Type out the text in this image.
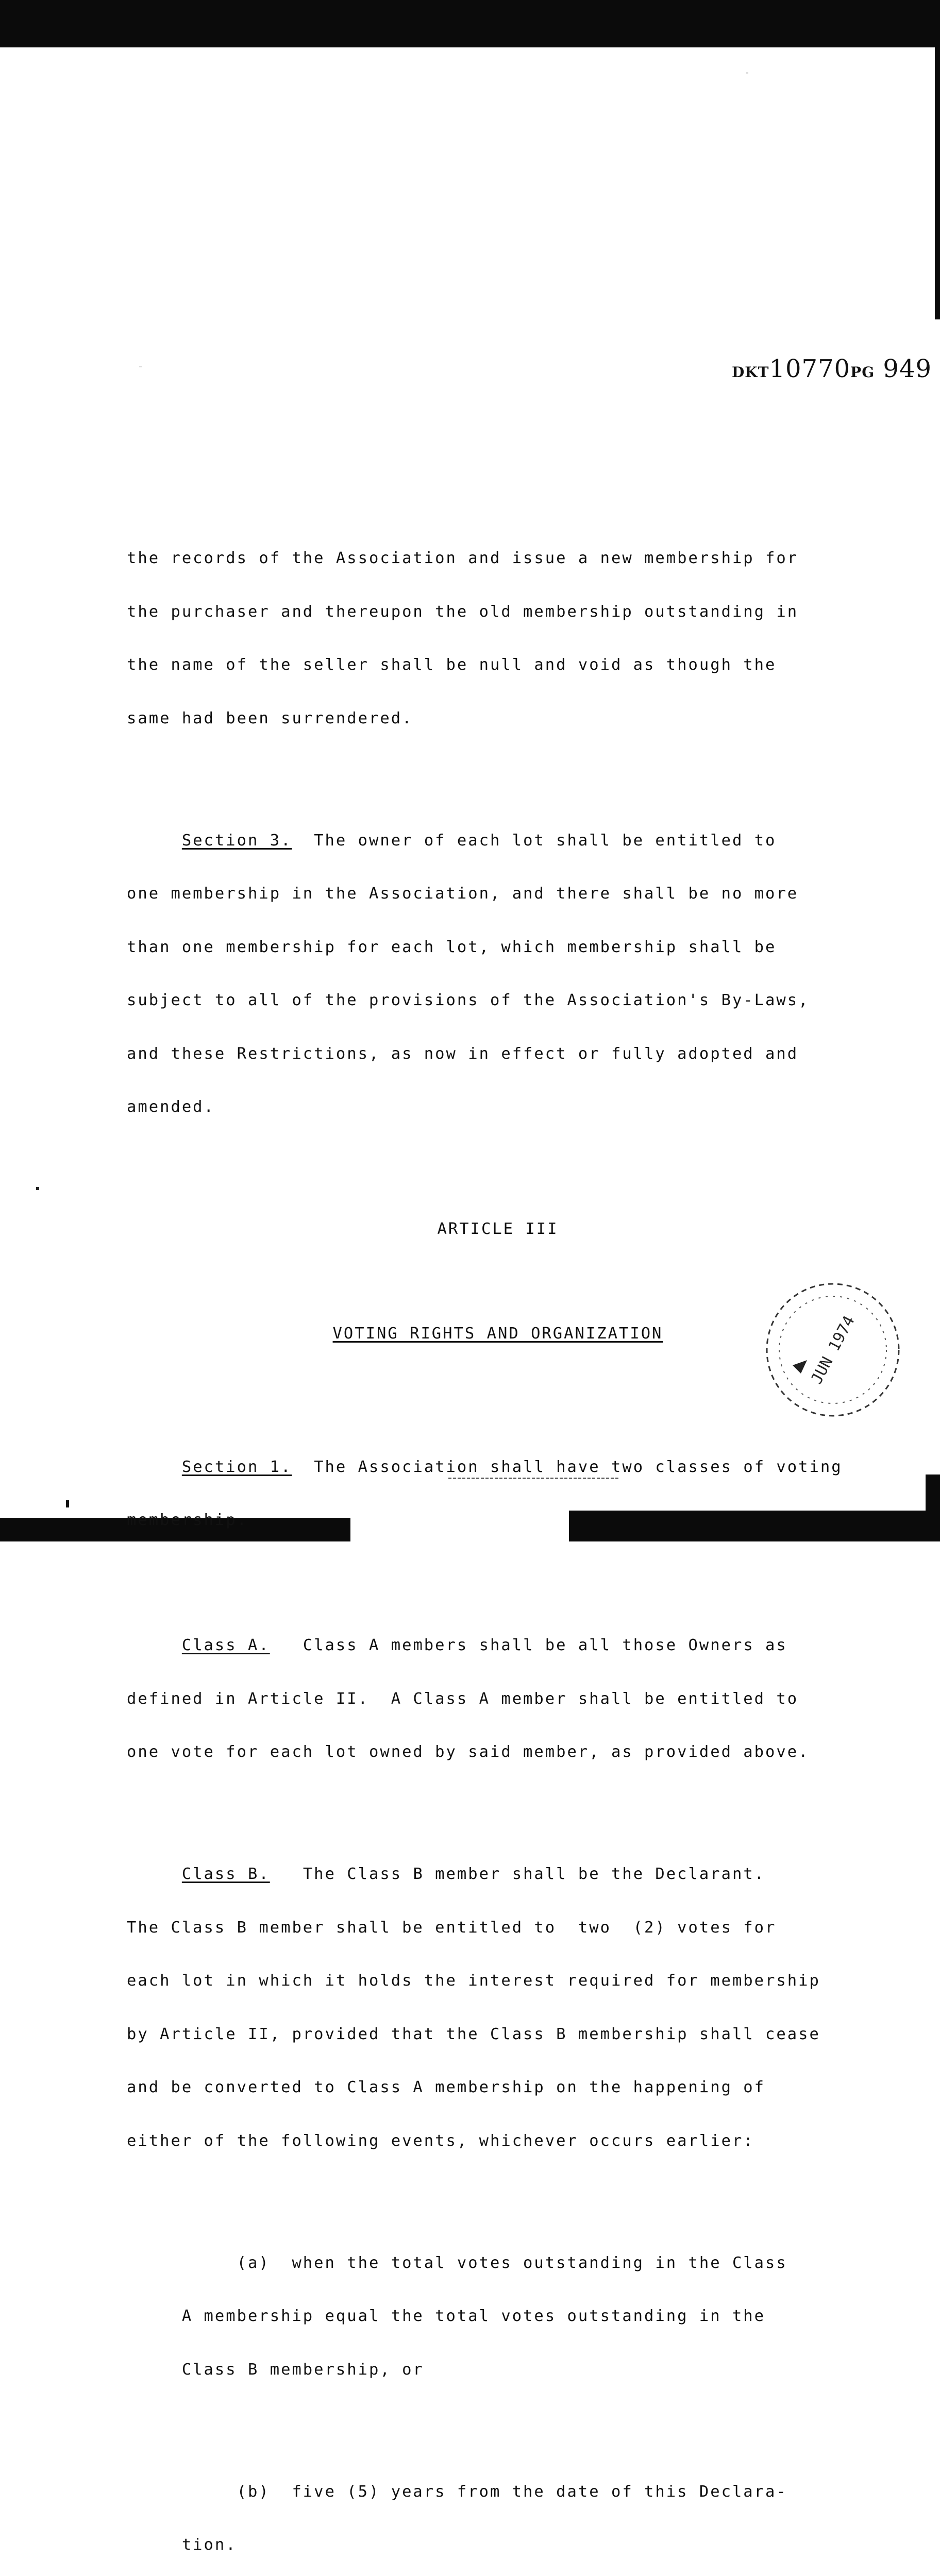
DKT10770PG 949

the records of the Association and issue a new membership for

the purchaser and thereupon the old membership outstanding in

the name of the seller shall be null and void as though the

same had been surrendered.

Section 3.  The owner of each lot shall be entitled to

one membership in the Association, and there shall be no more

than one membership for each lot, which membership shall be

subject to all of the provisions of the Association's By-Laws,

and these Restrictions, as now in effect or fully adopted and

amended.

ARTICLE III

VOTING RIGHTS AND ORGANIZATION

Section 1.  The Association shall have two classes of voting

membership.

Class A.   Class A members shall be all those Owners as

defined in Article II.  A Class A member shall be entitled to

one vote for each lot owned by said member, as provided above.

Class B.   The Class B member shall be the Declarant.

The Class B member shall be entitled to  two  (2) votes for

each lot in which it holds the interest required for membership

by Article II, provided that the Class B membership shall cease

and be converted to Class A membership on the happening of

either of the following events, whichever occurs earlier:

(a)  when the total votes outstanding in the Class

A membership equal the total votes outstanding in the

Class B membership, or

(b)  five (5) years from the date of this Declara-

tion.

JUN 1974
